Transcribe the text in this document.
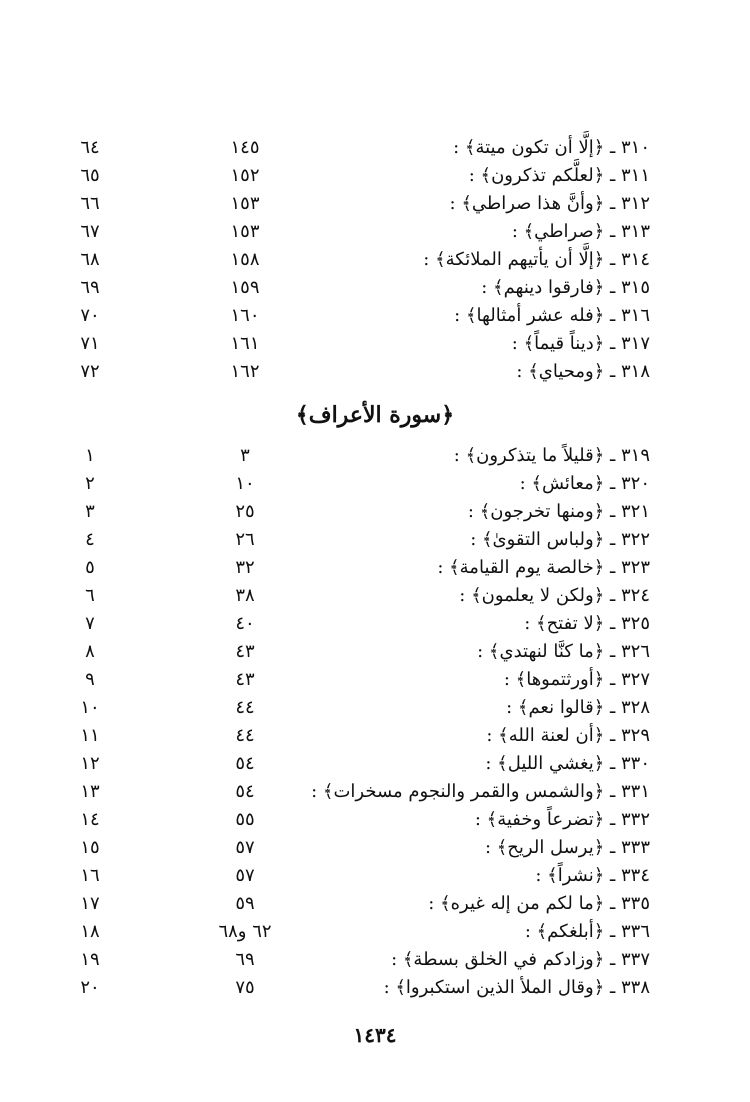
٦٤	١٤٥	٣١٠ ـ ﴿إلَّا أن تكون ميتة﴾ :
٦٥	١٥٢	٣١١ ـ ﴿لعلَّكم تذكرون﴾ :
٦٦	١٥٣	٣١٢ ـ ﴿وأنَّ هذا صراطي﴾ :
٦٧	١٥٣	٣١٣ ـ ﴿صراطي﴾ :
٦٨	١٥٨	٣١٤ ـ ﴿إلَّا أن يأتيهم الملائكة﴾ :
٦٩	١٥٩	٣١٥ ـ ﴿فارقوا دينهم﴾ :
٧٠	١٦٠	٣١٦ ـ ﴿فله عشر أمثالها﴾ :
٧١	١٦١	٣١٧ ـ ﴿ديناً قيماً﴾ :
٧٢	١٦٢	٣١٨ ـ ﴿ومحياي﴾ :
﴿سورة الأعراف﴾
١	٣	٣١٩ ـ ﴿قليلاً ما يتذكرون﴾ :
٢	١٠	٣٢٠ ـ ﴿معائش﴾ :
٣	٢٥	٣٢١ ـ ﴿ومنها تخرجون﴾ :
٤	٢٦	٣٢٢ ـ ﴿ولباس التقوىٰ﴾ :
٥	٣٢	٣٢٣ ـ ﴿خالصة يوم القيامة﴾ :
٦	٣٨	٣٢٤ ـ ﴿ولكن لا يعلمون﴾ :
٧	٤٠	٣٢٥ ـ ﴿لا تفتح﴾ :
٨	٤٣	٣٢٦ ـ ﴿ما كنَّا لنهتدي﴾ :
٩	٤٣	٣٢٧ ـ ﴿أورثتموها﴾ :
١٠	٤٤	٣٢٨ ـ ﴿قالوا نعم﴾ :
١١	٤٤	٣٢٩ ـ ﴿أن لعنة الله﴾ :
١٢	٥٤	٣٣٠ ـ ﴿يغشي الليل﴾ :
١٣	٥٤	٣٣١ ـ ﴿والشمس والقمر والنجوم مسخرات﴾ :
١٤	٥٥	٣٣٢ ـ ﴿تضرعاً وخفية﴾ :
١٥	٥٧	٣٣٣ ـ ﴿يرسل الريح﴾ :
١٦	٥٧	٣٣٤ ـ ﴿نشراً﴾ :
١٧	٥٩	٣٣٥ ـ ﴿ما لكم من إله غيره﴾ :
١٨	٦٢ و٦٨	٣٣٦ ـ ﴿أبلغكم﴾ :
١٩	٦٩	٣٣٧ ـ ﴿وزادكم في الخلق بسطة﴾ :
٢٠	٧٥	٣٣٨ ـ ﴿وقال الملأ الذين استكبروا﴾ :
١٤٣٤
